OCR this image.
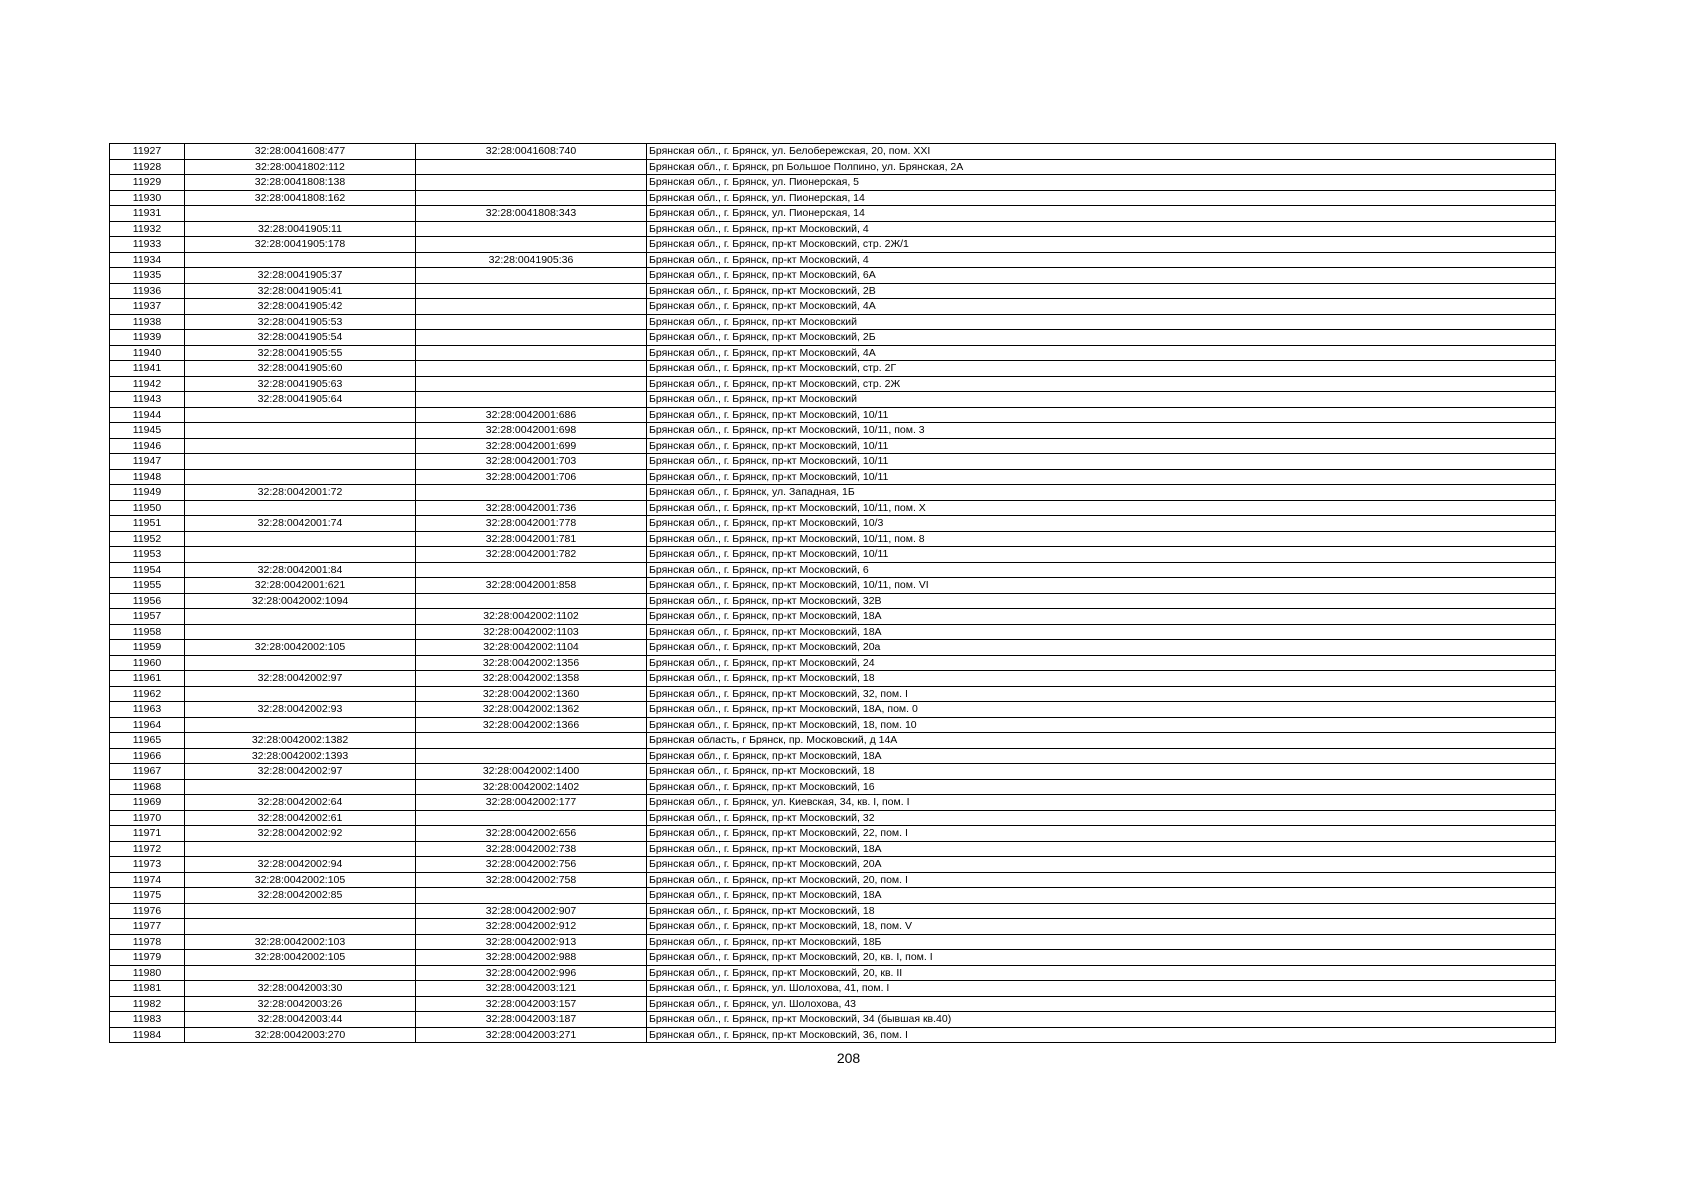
11927	32:28:0041608:477	32:28:0041608:740	Брянская обл., г. Брянск, ул. Белобережская, 20, пом. XXI
11928	32:28:0041802:112		Брянская обл., г. Брянск, рп Большое Полпино, ул. Брянская, 2А
11929	32:28:0041808:138		Брянская обл., г. Брянск, ул. Пионерская, 5
11930	32:28:0041808:162		Брянская обл., г. Брянск, ул. Пионерская, 14
11931		32:28:0041808:343	Брянская обл., г. Брянск, ул. Пионерская, 14
11932	32:28:0041905:11		Брянская обл., г. Брянск, пр-кт Московский, 4
11933	32:28:0041905:178		Брянская обл., г. Брянск, пр-кт Московский, стр. 2Ж/1
11934		32:28:0041905:36	Брянская обл., г. Брянск, пр-кт Московский, 4
11935	32:28:0041905:37		Брянская обл., г. Брянск, пр-кт Московский, 6А
11936	32:28:0041905:41		Брянская обл., г. Брянск, пр-кт Московский, 2В
11937	32:28:0041905:42		Брянская обл., г. Брянск, пр-кт Московский, 4А
11938	32:28:0041905:53		Брянская обл., г. Брянск, пр-кт Московский
11939	32:28:0041905:54		Брянская обл., г. Брянск, пр-кт Московский, 2Б
11940	32:28:0041905:55		Брянская обл., г. Брянск, пр-кт Московский, 4А
11941	32:28:0041905:60		Брянская обл., г. Брянск, пр-кт Московский, стр. 2Г
11942	32:28:0041905:63		Брянская обл., г. Брянск, пр-кт Московский, стр. 2Ж
11943	32:28:0041905:64		Брянская обл., г. Брянск, пр-кт Московский
11944		32:28:0042001:686	Брянская обл., г. Брянск, пр-кт Московский, 10/11
11945		32:28:0042001:698	Брянская обл., г. Брянск, пр-кт Московский, 10/11, пом. 3
11946		32:28:0042001:699	Брянская обл., г. Брянск, пр-кт Московский, 10/11
11947		32:28:0042001:703	Брянская обл., г. Брянск, пр-кт Московский, 10/11
11948		32:28:0042001:706	Брянская обл., г. Брянск, пр-кт Московский, 10/11
11949	32:28:0042001:72		Брянская обл., г. Брянск, ул. Западная, 1Б
11950		32:28:0042001:736	Брянская обл., г. Брянск, пр-кт Московский, 10/11, пом. Х
11951	32:28:0042001:74	32:28:0042001:778	Брянская обл., г. Брянск, пр-кт Московский, 10/3
11952		32:28:0042001:781	Брянская обл., г. Брянск, пр-кт Московский, 10/11, пом. 8
11953		32:28:0042001:782	Брянская обл., г. Брянск, пр-кт Московский, 10/11
11954	32:28:0042001:84		Брянская обл., г. Брянск, пр-кт Московский, 6
11955	32:28:0042001:621	32:28:0042001:858	Брянская обл., г. Брянск, пр-кт Московский, 10/11, пом. VI
11956	32:28:0042002:1094		Брянская обл., г. Брянск, пр-кт Московский, 32В
11957		32:28:0042002:1102	Брянская обл., г. Брянск, пр-кт Московский, 18А
11958		32:28:0042002:1103	Брянская обл., г. Брянск, пр-кт Московский, 18А
11959	32:28:0042002:105	32:28:0042002:1104	Брянская обл., г. Брянск, пр-кт Московский, 20а
11960		32:28:0042002:1356	Брянская обл., г. Брянск, пр-кт Московский, 24
11961	32:28:0042002:97	32:28:0042002:1358	Брянская обл., г. Брянск, пр-кт Московский, 18
11962		32:28:0042002:1360	Брянская обл., г. Брянск, пр-кт Московский, 32, пом. I
11963	32:28:0042002:93	32:28:0042002:1362	Брянская обл., г. Брянск, пр-кт Московский, 18А, пом. 0
11964		32:28:0042002:1366	Брянская обл., г. Брянск, пр-кт Московский, 18, пом. 10
11965	32:28:0042002:1382		Брянская область, г Брянск, пр. Московский, д 14А
11966	32:28:0042002:1393		Брянская обл., г. Брянск, пр-кт Московский, 18А
11967	32:28:0042002:97	32:28:0042002:1400	Брянская обл., г. Брянск, пр-кт Московский, 18
11968		32:28:0042002:1402	Брянская обл., г. Брянск, пр-кт Московский, 16
11969	32:28:0042002:64	32:28:0042002:177	Брянская обл., г. Брянск, ул. Киевская, 34, кв. I, пом. I
11970	32:28:0042002:61		Брянская обл., г. Брянск, пр-кт Московский, 32
11971	32:28:0042002:92	32:28:0042002:656	Брянская обл., г. Брянск, пр-кт Московский, 22, пом. I
11972		32:28:0042002:738	Брянская обл., г. Брянск, пр-кт Московский, 18А
11973	32:28:0042002:94	32:28:0042002:756	Брянская обл., г. Брянск, пр-кт Московский, 20А
11974	32:28:0042002:105	32:28:0042002:758	Брянская обл., г. Брянск, пр-кт Московский, 20, пом. I
11975	32:28:0042002:85		Брянская обл., г. Брянск, пр-кт Московский, 18А
11976		32:28:0042002:907	Брянская обл., г. Брянск, пр-кт Московский, 18
11977		32:28:0042002:912	Брянская обл., г. Брянск, пр-кт Московский, 18, пом. V
11978	32:28:0042002:103	32:28:0042002:913	Брянская обл., г. Брянск, пр-кт Московский, 18Б
11979	32:28:0042002:105	32:28:0042002:988	Брянская обл., г. Брянск, пр-кт Московский, 20, кв. I, пом. I
11980		32:28:0042002:996	Брянская обл., г. Брянск, пр-кт Московский, 20, кв. II
11981	32:28:0042003:30	32:28:0042003:121	Брянская обл., г. Брянск, ул. Шолохова, 41, пом. I
11982	32:28:0042003:26	32:28:0042003:157	Брянская обл., г. Брянск, ул. Шолохова, 43
11983	32:28:0042003:44	32:28:0042003:187	Брянская обл., г. Брянск, пр-кт Московский, 34 (бывшая кв.40)
11984	32:28:0042003:270	32:28:0042003:271	Брянская обл., г. Брянск, пр-кт Московский, 36, пом. I
208
